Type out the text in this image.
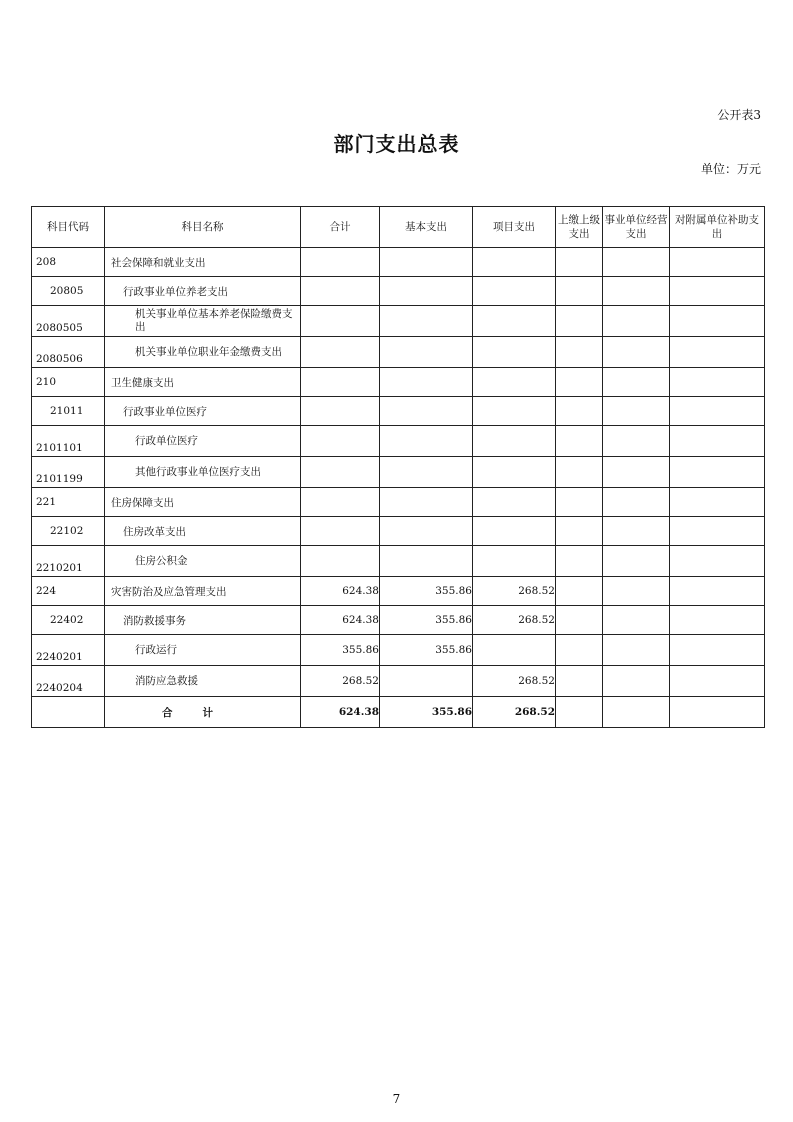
公开表3
部门支出总表
单位：万元
科目代码	科目名称	合计	基本支出	项目支出	上缴上级支出	事业单位经营支出	对附属单位补助支出
208	社会保障和就业支出						
20805	行政事业单位养老支出						
2080505	机关事业单位基本养老保险缴费支出						
2080506	机关事业单位职业年金缴费支出						
210	卫生健康支出						
21011	行政事业单位医疗						
2101101	行政单位医疗						
2101199	其他行政事业单位医疗支出						
221	住房保障支出						
22102	住房改革支出						
2210201	住房公积金						
224	灾害防治及应急管理支出	624.38	355.86	268.52			
22402	消防救援事务	624.38	355.86	268.52			
2240201	行政运行	355.86	355.86				
2240204	消防应急救援	268.52		268.52			
	合计	624.38	355.86	268.52			
7
